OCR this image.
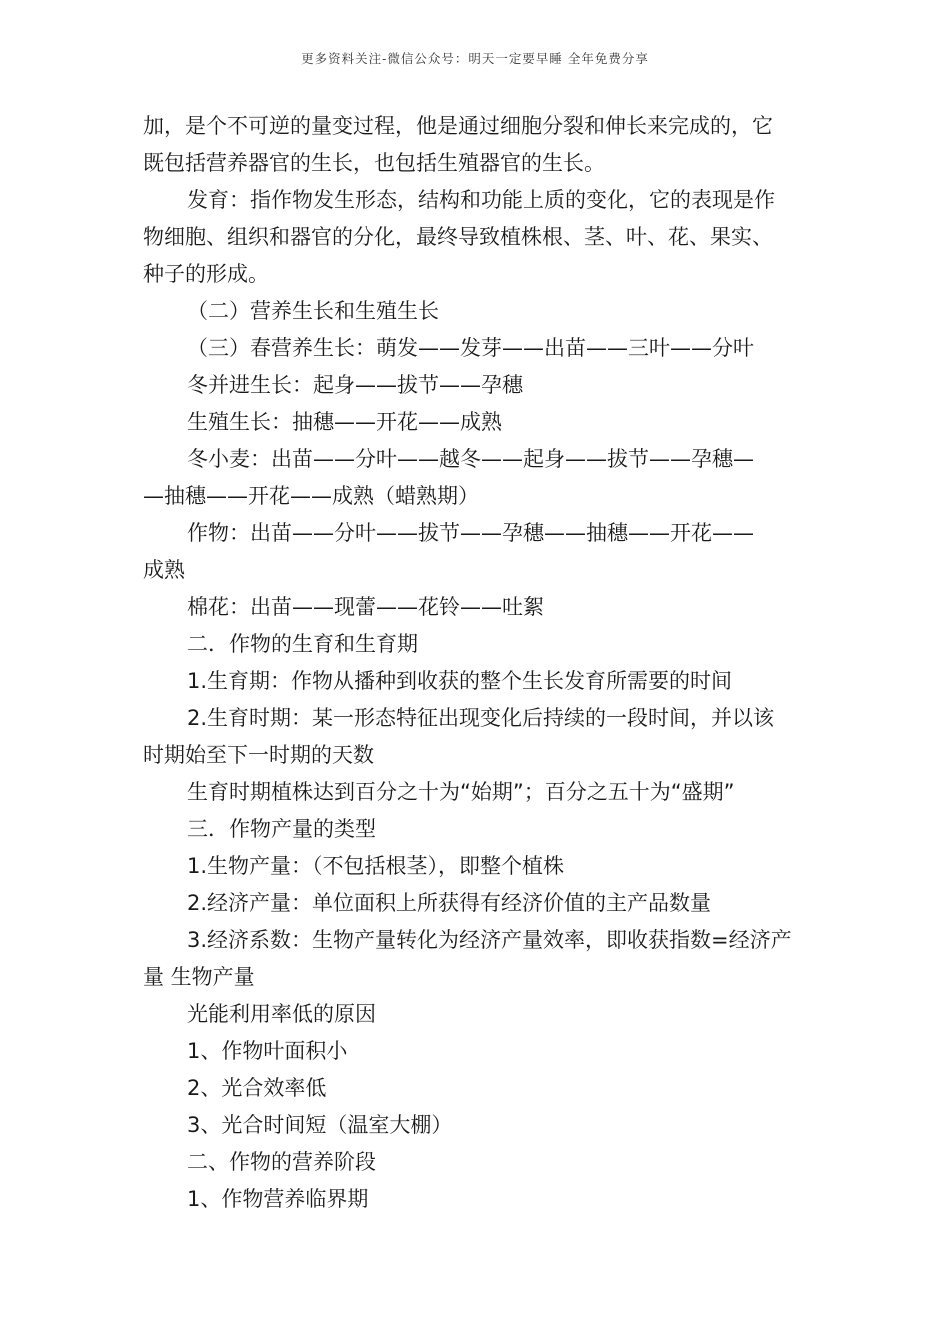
更多资料关注-微信公众号：明天一定要早睡 全年免费分享
加，是个不可逆的量变过程，他是通过细胞分裂和伸长来完成的，它
既包括营养器官的生长，也包括生殖器官的生长。
发育：指作物发生形态，结构和功能上质的变化，它的表现是作
物细胞、组织和器官的分化，最终导致植株根、茎、叶、花、果实、
种子的形成。
（二）营养生长和生殖生长
（三）春营养生长：萌发——发芽——出苗——三叶——分叶
冬并进生长：起身——拔节——孕穗
生殖生长：抽穗——开花——成熟
冬小麦：出苗——分叶——越冬——起身——拔节——孕穗—
—抽穗——开花——成熟（蜡熟期）
作物：出苗——分叶——拔节——孕穗——抽穗——开花——
成熟
棉花：出苗——现蕾——花铃——吐絮
二．作物的生育和生育期
1.生育期：作物从播种到收获的整个生长发育所需要的时间
2.生育时期：某一形态特征出现变化后持续的一段时间，并以该
时期始至下一时期的天数
生育时期植株达到百分之十为“始期”；百分之五十为“盛期”
三．作物产量的类型
1.生物产量：（不包括根茎），即整个植株
2.经济产量：单位面积上所获得有经济价值的主产品数量
3.经济系数：生物产量转化为经济产量效率，即收获指数=经济产
量 生物产量
光能利用率低的原因
1、作物叶面积小
2、光合效率低
3、光合时间短（温室大棚）
二、作物的营养阶段
1、作物营养临界期
